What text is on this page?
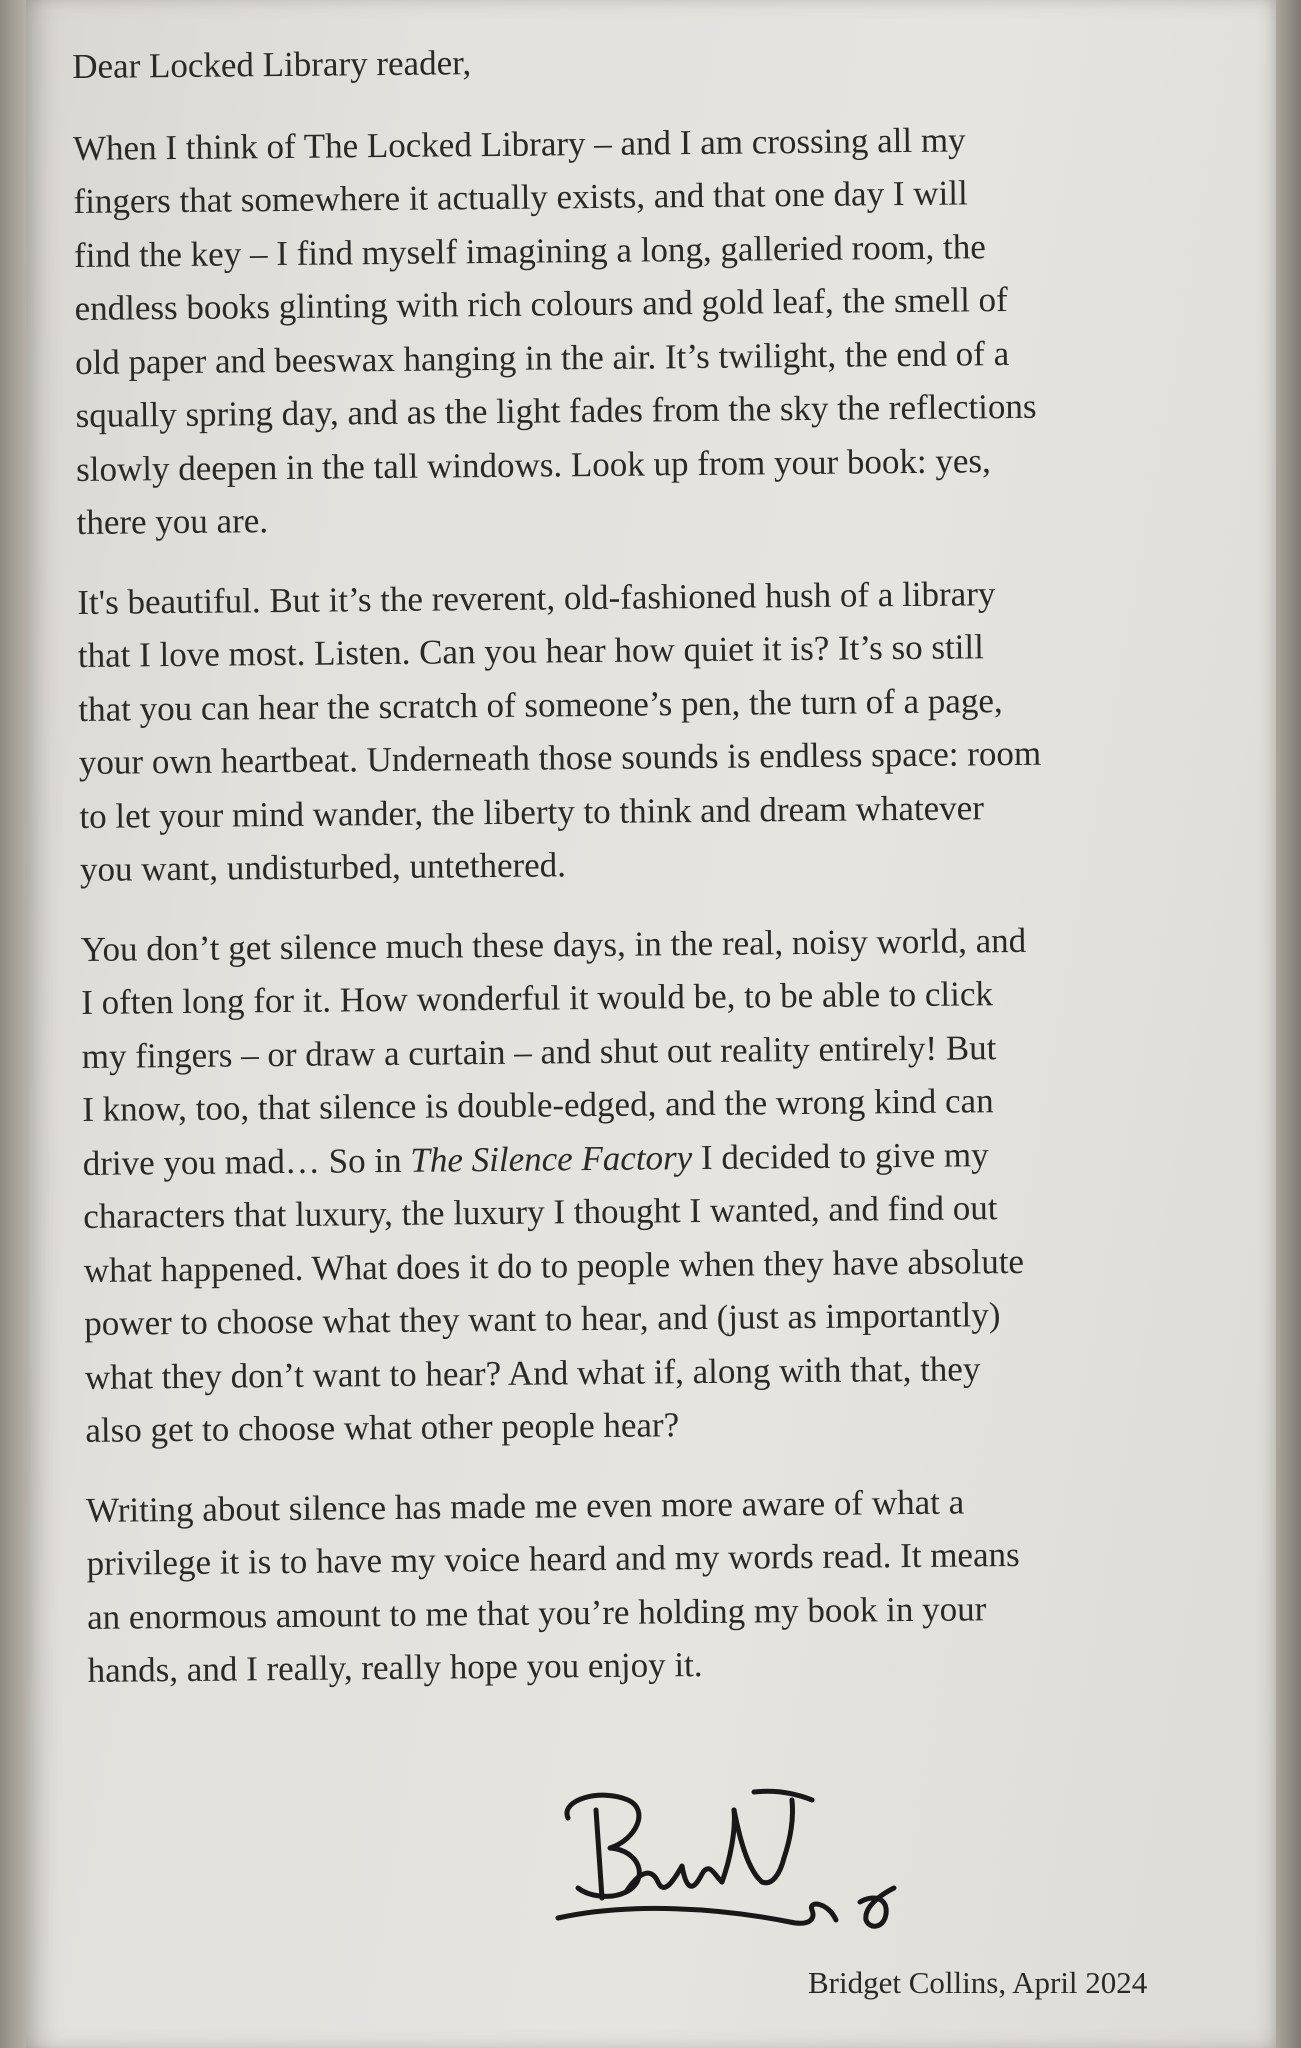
Dear Locked Library reader,
When I think of The Locked Library – and I am crossing all my
fingers that somewhere it actually exists, and that one day I will
find the key – I find myself imagining a long, galleried room, the
endless books glinting with rich colours and gold leaf, the smell of
old paper and beeswax hanging in the air. It’s twilight, the end of a
squally spring day, and as the light fades from the sky the reflections
slowly deepen in the tall windows. Look up from your book: yes,
there you are.
It's beautiful. But it’s the reverent, old-fashioned hush of a library
that I love most. Listen. Can you hear how quiet it is? It’s so still
that you can hear the scratch of someone’s pen, the turn of a page,
your own heartbeat. Underneath those sounds is endless space: room
to let your mind wander, the liberty to think and dream whatever
you want, undisturbed, untethered.
You don’t get silence much these days, in the real, noisy world, and
I often long for it. How wonderful it would be, to be able to click
my fingers – or draw a curtain – and shut out reality entirely! But
I know, too, that silence is double-edged, and the wrong kind can
drive you mad… So in The Silence Factory I decided to give my
characters that luxury, the luxury I thought I wanted, and find out
what happened. What does it do to people when they have absolute
power to choose what they want to hear, and (just as importantly)
what they don’t want to hear? And what if, along with that, they
also get to choose what other people hear?
Writing about silence has made me even more aware of what a
privilege it is to have my voice heard and my words read. It means
an enormous amount to me that you’re holding my book in your
hands, and I really, really hope you enjoy it.
Bridget Collins, April 2024
